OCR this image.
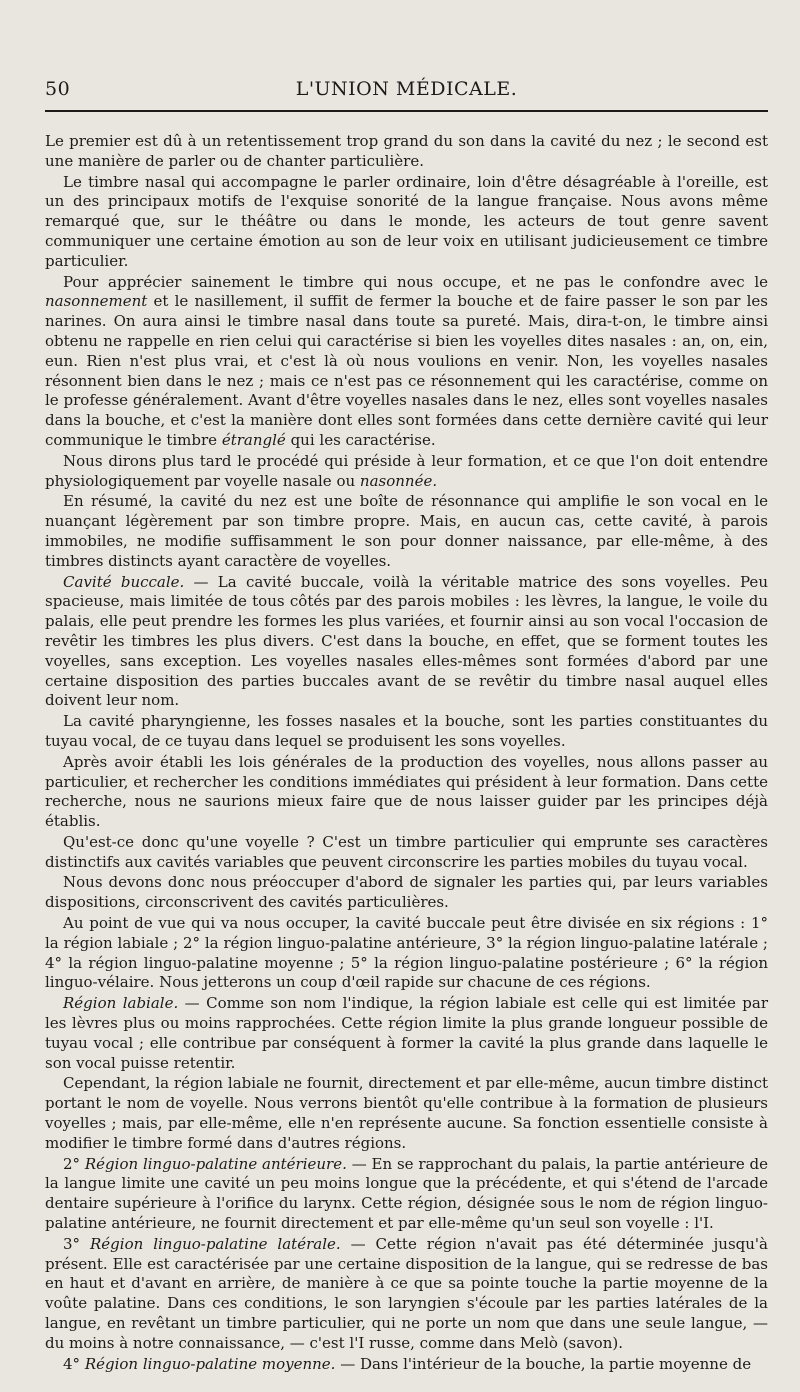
50	L'UNION MÉDICALE.

Le premier est dû à un retentissement trop grand du son dans la cavité du nez ; le second est une manière de parler ou de chanter particulière.

Le timbre nasal qui accompagne le parler ordinaire, loin d'être désagréable à l'oreille, est un des principaux motifs de l'exquise sonorité de la langue française. Nous avons même remarqué que, sur le théâtre ou dans le monde, les acteurs de tout genre savent communiquer une certaine émotion au son de leur voix en utilisant judicieusement ce timbre particulier.

Pour apprécier sainement le timbre qui nous occupe, et ne pas le confondre avec le nasonnement et le nasillement, il suffit de fermer la bouche et de faire passer le son par les narines. On aura ainsi le timbre nasal dans toute sa pureté. Mais, dira-t-on, le timbre ainsi obtenu ne rappelle en rien celui qui caractérise si bien les voyelles dites nasales : an, on, ein, eun. Rien n'est plus vrai, et c'est là où nous voulions en venir. Non, les voyelles nasales résonnent bien dans le nez ; mais ce n'est pas ce résonnement qui les caractérise, comme on le professe généralement. Avant d'être voyelles nasales dans le nez, elles sont voyelles nasales dans la bouche, et c'est la manière dont elles sont formées dans cette dernière cavité qui leur communique le timbre étranglé qui les caractérise.

Nous dirons plus tard le procédé qui préside à leur formation, et ce que l'on doit entendre physiologiquement par voyelle nasale ou nasonnée.

En résumé, la cavité du nez est une boîte de résonnance qui amplifie le son vocal en le nuançant légèrement par son timbre propre. Mais, en aucun cas, cette cavité, à parois immobiles, ne modifie suffisamment le son pour donner naissance, par elle-même, à des timbres distincts ayant caractère de voyelles.

Cavité buccale. — La cavité buccale, voilà la véritable matrice des sons voyelles. Peu spacieuse, mais limitée de tous côtés par des parois mobiles : les lèvres, la langue, le voile du palais, elle peut prendre les formes les plus variées, et fournir ainsi au son vocal l'occasion de revêtir les timbres les plus divers. C'est dans la bouche, en effet, que se forment toutes les voyelles, sans exception. Les voyelles nasales elles-mêmes sont formées d'abord par une certaine disposition des parties buccales avant de se revêtir du timbre nasal auquel elles doivent leur nom.

La cavité pharyngienne, les fosses nasales et la bouche, sont les parties constituantes du tuyau vocal, de ce tuyau dans lequel se produisent les sons voyelles.

Après avoir établi les lois générales de la production des voyelles, nous allons passer au particulier, et rechercher les conditions immédiates qui président à leur formation. Dans cette recherche, nous ne saurions mieux faire que de nous laisser guider par les principes déjà établis.

Qu'est-ce donc qu'une voyelle ? C'est un timbre particulier qui emprunte ses caractères distinctifs aux cavités variables que peuvent circonscrire les parties mobiles du tuyau vocal.

Nous devons donc nous préoccuper d'abord de signaler les parties qui, par leurs variables dispositions, circonscrivent des cavités particulières.

Au point de vue qui va nous occuper, la cavité buccale peut être divisée en six régions : 1° la région labiale ; 2° la région linguo-palatine antérieure, 3° la région linguo-palatine latérale ; 4° la région linguo-palatine moyenne ; 5° la région linguo-palatine postérieure ; 6° la région linguo-vélaire. Nous jetterons un coup d'œil rapide sur chacune de ces régions.

Région labiale. — Comme son nom l'indique, la région labiale est celle qui est limitée par les lèvres plus ou moins rapprochées. Cette région limite la plus grande longueur possible de tuyau vocal ; elle contribue par conséquent à former la cavité la plus grande dans laquelle le son vocal puisse retentir.

Cependant, la région labiale ne fournit, directement et par elle-même, aucun timbre distinct portant le nom de voyelle. Nous verrons bientôt qu'elle contribue à la formation de plusieurs voyelles ; mais, par elle-même, elle n'en représente aucune. Sa fonction essentielle consiste à modifier le timbre formé dans d'autres régions.

2° Région linguo-palatine antérieure. — En se rapprochant du palais, la partie antérieure de la langue limite une cavité un peu moins longue que la précédente, et qui s'étend de l'arcade dentaire supérieure à l'orifice du larynx. Cette région, désignée sous le nom de région linguo-palatine antérieure, ne fournit directement et par elle-même qu'un seul son voyelle : l'I.

3° Région linguo-palatine latérale. — Cette région n'avait pas été déterminée jusqu'à présent. Elle est caractérisée par une certaine disposition de la langue, qui se redresse de bas en haut et d'avant en arrière, de manière à ce que sa pointe touche la partie moyenne de la voûte palatine. Dans ces conditions, le son laryngien s'écoule par les parties latérales de la langue, en revêtant un timbre particulier, qui ne porte un nom que dans une seule langue, — du moins à notre connaissance, — c'est l'I russe, comme dans Melò (savon).

4° Région linguo-palatine moyenne. — Dans l'intérieur de la bouche, la partie moyenne de
